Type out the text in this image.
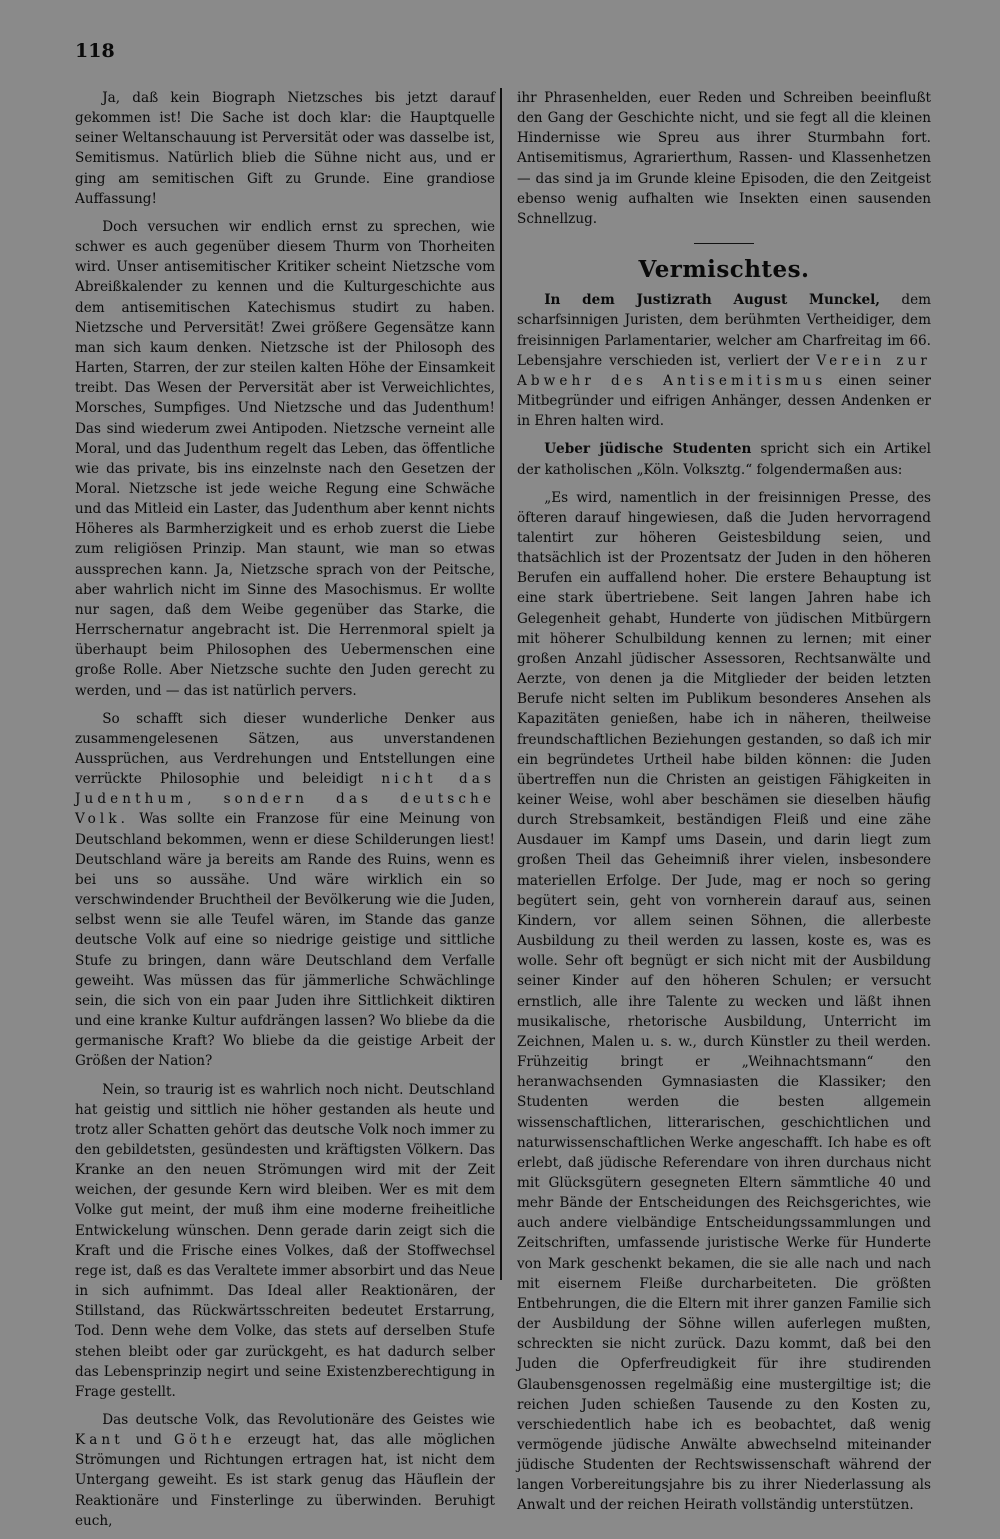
118

Ja, daß kein Biograph Nietzsches bis jetzt darauf gekommen ist! Die Sache ist doch klar: die Hauptquelle seiner Weltanschauung ist Perversität oder was dasselbe ist, Semitismus. Natürlich blieb die Sühne nicht aus, und er ging am semitischen Gift zu Grunde. Eine grandiose Auffassung!

Doch versuchen wir endlich ernst zu sprechen, wie schwer es auch gegenüber diesem Thurm von Thorheiten wird. Unser antisemitischer Kritiker scheint Nietzsche vom Abreißkalender zu kennen und die Kulturgeschichte aus dem antisemitischen Katechismus studirt zu haben. Nietzsche und Perversität! Zwei größere Gegensätze kann man sich kaum denken. Nietzsche ist der Philosoph des Harten, Starren, der zur steilen kalten Höhe der Einsamkeit treibt. Das Wesen der Perversität aber ist Verweichlichtes, Morsches, Sumpfiges. Und Nietzsche und das Judenthum! Das sind wiederum zwei Antipoden. Nietzsche verneint alle Moral, und das Judenthum regelt das Leben, das öffentliche wie das private, bis ins einzelnste nach den Gesetzen der Moral. Nietzsche ist jede weiche Regung eine Schwäche und das Mitleid ein Laster, das Judenthum aber kennt nichts Höheres als Barmherzigkeit und es erhob zuerst die Liebe zum religiösen Prinzip. Man staunt, wie man so etwas aussprechen kann. Ja, Nietzsche sprach von der Peitsche, aber wahrlich nicht im Sinne des Masochismus. Er wollte nur sagen, daß dem Weibe gegenüber das Starke, die Herrschernatur angebracht ist. Die Herrenmoral spielt ja überhaupt beim Philosophen des Uebermenschen eine große Rolle. Aber Nietzsche suchte den Juden gerecht zu werden, und — das ist natürlich pervers.

So schafft sich dieser wunderliche Denker aus zusammengelesenen Sätzen, aus unverstandenen Aussprüchen, aus Verdrehungen und Entstellungen eine verrückte Philosophie und beleidigt nicht das Judenthum, sondern das deutsche Volk. Was sollte ein Franzose für eine Meinung von Deutschland bekommen, wenn er diese Schilderungen liest! Deutschland wäre ja bereits am Rande des Ruins, wenn es bei uns so aussähe. Und wäre wirklich ein so verschwindender Bruchtheil der Bevölkerung wie die Juden, selbst wenn sie alle Teufel wären, im Stande das ganze deutsche Volk auf eine so niedrige geistige und sittliche Stufe zu bringen, dann wäre Deutschland dem Verfalle geweiht. Was müssen das für jämmerliche Schwächlinge sein, die sich von ein paar Juden ihre Sittlichkeit diktiren und eine kranke Kultur aufdrängen lassen? Wo bliebe da die germanische Kraft? Wo bliebe da die geistige Arbeit der Größen der Nation?

Nein, so traurig ist es wahrlich noch nicht. Deutschland hat geistig und sittlich nie höher gestanden als heute und trotz aller Schatten gehört das deutsche Volk noch immer zu den gebildetsten, gesündesten und kräftigsten Völkern. Das Kranke an den neuen Strömungen wird mit der Zeit weichen, der gesunde Kern wird bleiben. Wer es mit dem Volke gut meint, der muß ihm eine moderne freiheitliche Entwickelung wünschen. Denn gerade darin zeigt sich die Kraft und die Frische eines Volkes, daß der Stoffwechsel rege ist, daß es das Veraltete immer absorbirt und das Neue in sich aufnimmt. Das Ideal aller Reaktionären, der Stillstand, das Rückwärtsschreiten bedeutet Erstarrung, Tod. Denn wehe dem Volke, das stets auf derselben Stufe stehen bleibt oder gar zurückgeht, es hat dadurch selber das Lebensprinzip negirt und seine Existenzberechtigung in Frage gestellt.

Das deutsche Volk, das Revolutionäre des Geistes wie Kant und Göthe erzeugt hat, das alle möglichen Strömungen und Richtungen ertragen hat, ist nicht dem Untergang geweiht. Es ist stark genug das Häuflein der Reaktionäre und Finsterlinge zu überwinden. Beruhigt euch,

ihr Phrasenhelden, euer Reden und Schreiben beeinflußt den Gang der Geschichte nicht, und sie fegt all die kleinen Hindernisse wie Spreu aus ihrer Sturmbahn fort. Antisemitismus, Agrarierthum, Rassen- und Klassenhetzen — das sind ja im Grunde kleine Episoden, die den Zeitgeist ebenso wenig aufhalten wie Insekten einen sausenden Schnellzug.

Vermischtes.

In dem Justizrath August Munckel, dem scharfsinnigen Juristen, dem berühmten Vertheidiger, dem freisinnigen Parlamentarier, welcher am Charfreitag im 66. Lebensjahre verschieden ist, verliert der Verein zur Abwehr des Antisemitismus einen seiner Mitbegründer und eifrigen Anhänger, dessen Andenken er in Ehren halten wird.

Ueber jüdische Studenten spricht sich ein Artikel der katholischen „Köln. Volksztg.“ folgendermaßen aus:

„Es wird, namentlich in der freisinnigen Presse, des öfteren darauf hingewiesen, daß die Juden hervorragend talentirt zur höheren Geistesbildung seien, und thatsächlich ist der Prozentsatz der Juden in den höheren Berufen ein auffallend hoher. Die erstere Behauptung ist eine stark übertriebene. Seit langen Jahren habe ich Gelegenheit gehabt, Hunderte von jüdischen Mitbürgern mit höherer Schulbildung kennen zu lernen; mit einer großen Anzahl jüdischer Assessoren, Rechtsanwälte und Aerzte, von denen ja die Mitglieder der beiden letzten Berufe nicht selten im Publikum besonderes Ansehen als Kapazitäten genießen, habe ich in näheren, theilweise freundschaftlichen Beziehungen gestanden, so daß ich mir ein begründetes Urtheil habe bilden können: die Juden übertreffen nun die Christen an geistigen Fähigkeiten in keiner Weise, wohl aber beschämen sie dieselben häufig durch Strebsamkeit, beständigen Fleiß und eine zähe Ausdauer im Kampf ums Dasein, und darin liegt zum großen Theil das Geheimniß ihrer vielen, insbesondere materiellen Erfolge. Der Jude, mag er noch so gering begütert sein, geht von vornherein darauf aus, seinen Kindern, vor allem seinen Söhnen, die allerbeste Ausbildung zu theil werden zu lassen, koste es, was es wolle. Sehr oft begnügt er sich nicht mit der Ausbildung seiner Kinder auf den höheren Schulen; er versucht ernstlich, alle ihre Talente zu wecken und läßt ihnen musikalische, rhetorische Ausbildung, Unterricht im Zeichnen, Malen u. s. w., durch Künstler zu theil werden. Frühzeitig bringt er „Weihnachtsmann“ den heranwachsenden Gymnasiasten die Klassiker; den Studenten werden die besten allgemein wissenschaftlichen, litterarischen, geschichtlichen und naturwissenschaftlichen Werke angeschafft. Ich habe es oft erlebt, daß jüdische Referendare von ihren durchaus nicht mit Glücksgütern gesegneten Eltern sämmtliche 40 und mehr Bände der Entscheidungen des Reichsgerichtes, wie auch andere vielbändige Entscheidungssammlungen und Zeitschriften, umfassende juristische Werke für Hunderte von Mark geschenkt bekamen, die sie alle nach und nach mit eisernem Fleiße durcharbeiteten. Die größten Entbehrungen, die die Eltern mit ihrer ganzen Familie sich der Ausbildung der Söhne willen auferlegen mußten, schreckten sie nicht zurück. Dazu kommt, daß bei den Juden die Opferfreudigkeit für ihre studirenden Glaubensgenossen regelmäßig eine mustergiltige ist; die reichen Juden schießen Tausende zu den Kosten zu, verschiedentlich habe ich es beobachtet, daß wenig vermögende jüdische Anwälte abwechselnd miteinander jüdische Studenten der Rechtswissenschaft während der langen Vorbereitungsjahre bis zu ihrer Niederlassung als Anwalt und der reichen Heirath vollständig unterstützen.
